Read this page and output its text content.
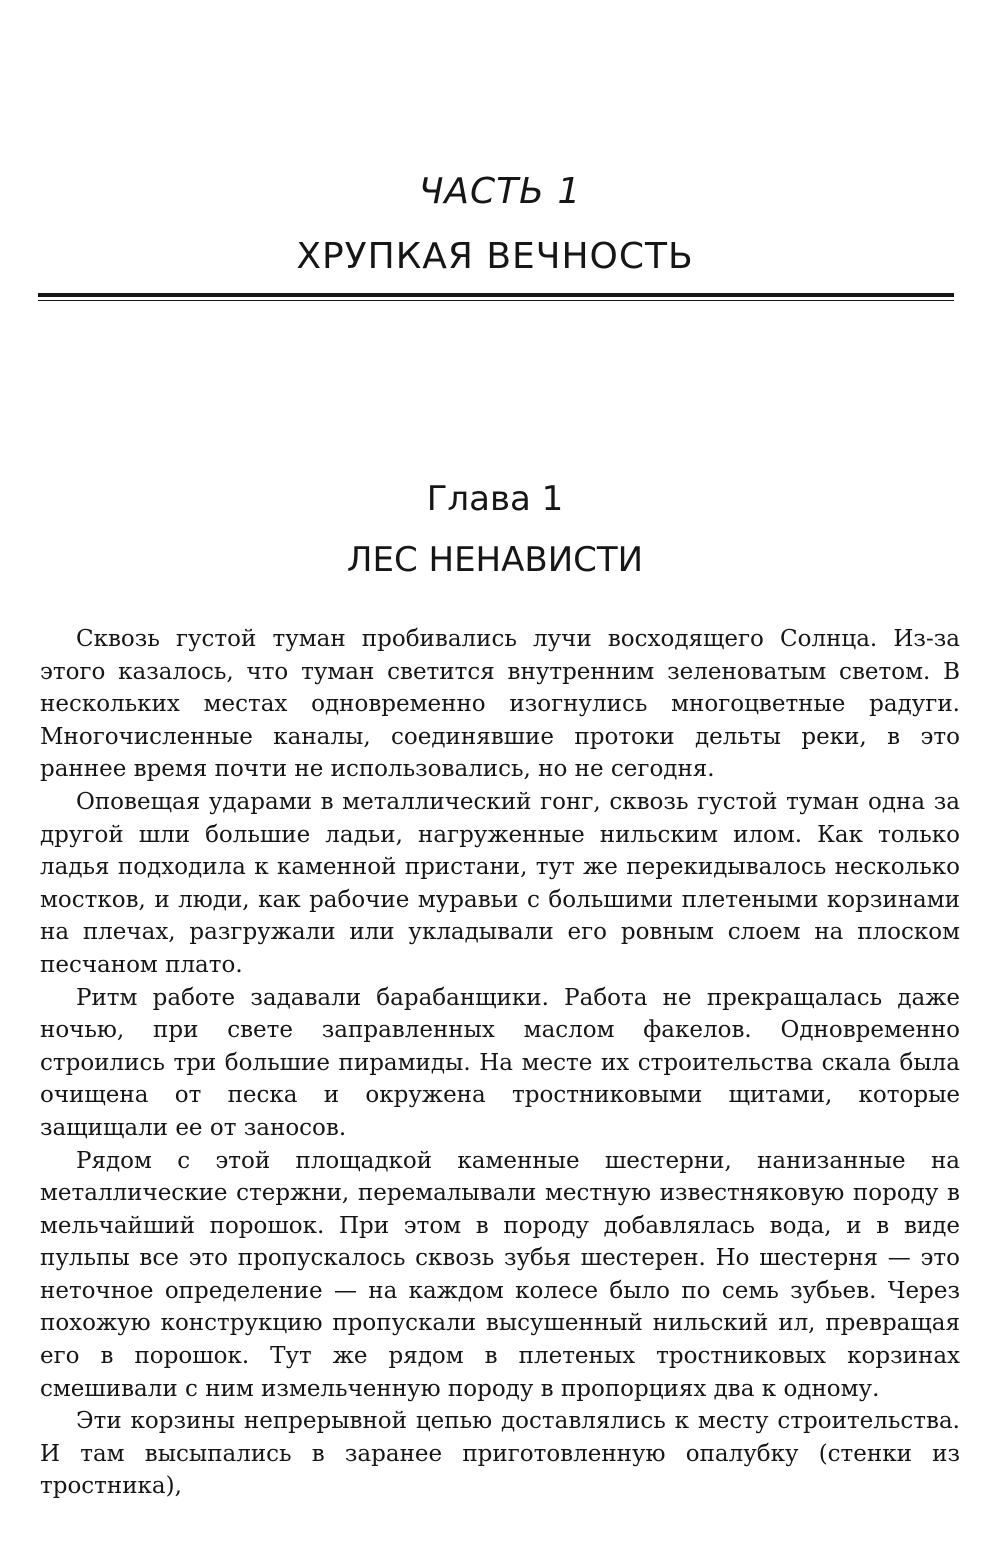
ЧАСТЬ 1
ХРУПКАЯ ВЕЧНОСТЬ
Глава 1
ЛЕС НЕНАВИСТИ

Сквозь густой туман пробивались лучи восходящего Солнца. Из-за этого казалось, что туман светится внутренним зеленоватым светом. В нескольких местах одновременно изогнулись многоцветные радуги. Многочисленные каналы, соединявшие протоки дельты реки, в это раннее время почти не использовались, но не сегодня.

Оповещая ударами в металлический гонг, сквозь густой туман одна за другой шли большие ладьи, нагруженные нильским илом. Как только ладья подходила к каменной пристани, тут же перекидывалось несколько мостков, и люди, как рабочие муравьи с большими плетеными корзинами на плечах, разгружали или укладывали его ровным слоем на плоском песчаном плато.

Ритм работе задавали барабанщики. Работа не прекращалась даже ночью, при свете заправленных маслом факелов. Одновременно строились три большие пирамиды. На месте их строительства скала была очищена от песка и окружена тростниковыми щитами, которые защищали ее от заносов.

Рядом с этой площадкой каменные шестерни, нанизанные на металлические стержни, перемалывали местную известняковую породу в мельчайший порошок. При этом в породу добавлялась вода, и в виде пульпы все это пропускалось сквозь зубья шестерен. Но шестерня — это неточное определение — на каждом колесе было по семь зубьев. Через похожую конструкцию пропускали высушенный нильский ил, превращая его в порошок. Тут же рядом в плетеных тростниковых корзинах смешивали с ним измельченную породу в пропорциях два к одному.

Эти корзины непрерывной цепью доставлялись к месту строительства. И там высыпались в заранее приготовленную опалубку (стенки из тростника),
